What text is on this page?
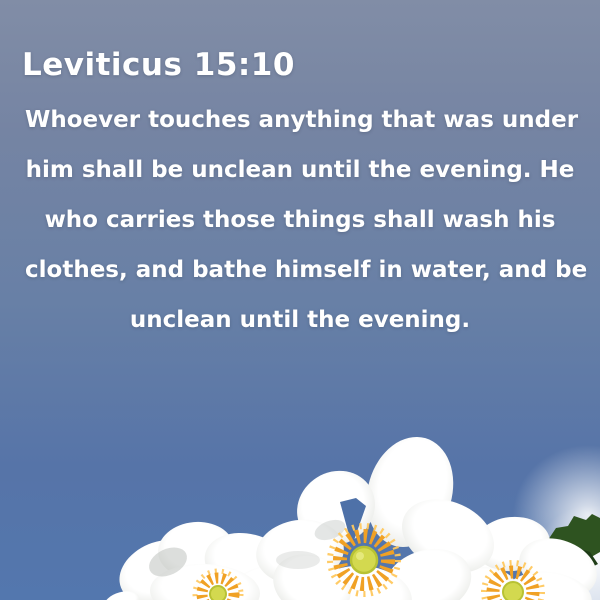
Leviticus 15:10
Whoever touches anything that was under
him shall be unclean until the evening. He
who carries those things shall wash his
clothes, and bathe himself in water, and be
unclean until the evening.
